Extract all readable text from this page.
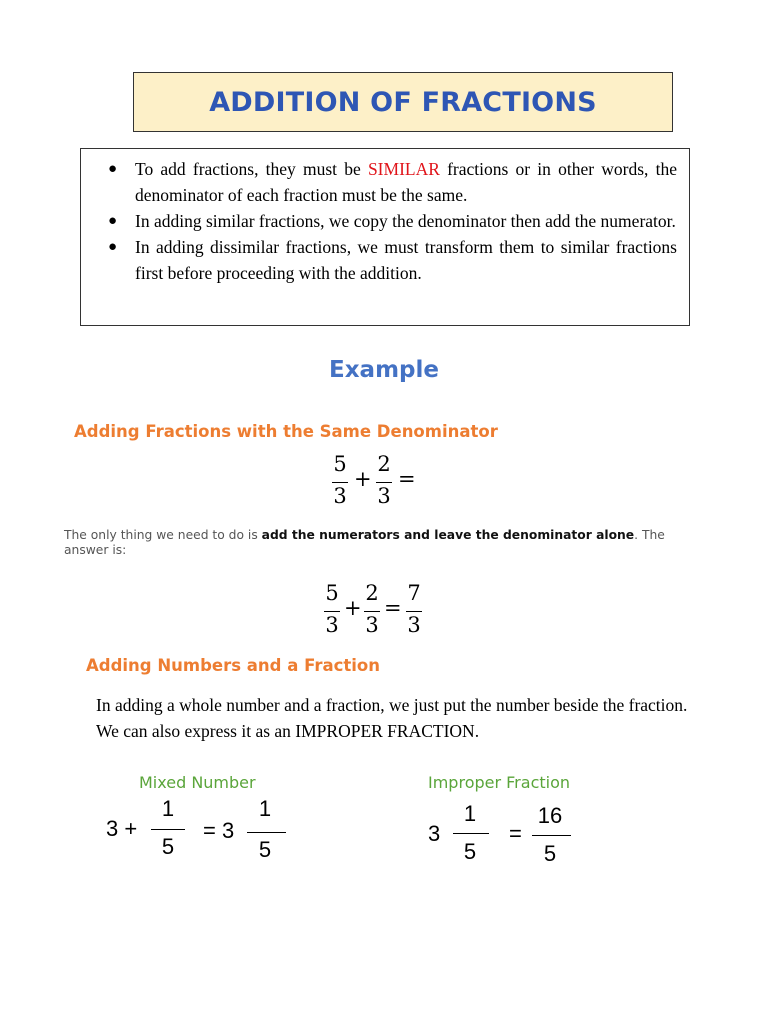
ADDITION OF FRACTIONS
● To add fractions, they must be SIMILAR fractions or in other words, the denominator of each fraction must be the same.
● In adding similar fractions, we copy the denominator then add the numerator.
● In adding dissimilar fractions, we must transform them to similar fractions first before proceeding with the addition.
Example
Adding Fractions with the Same Denominator
5
3
+
2
3
=
The only thing we need to do is add the numerators and leave the denominator alone. The answer is:
5
3
+
2
3
=
7
3
Adding Numbers and a Fraction
In adding a whole number and a fraction, we just put the number beside the fraction. We can also express it as an IMPROPER FRACTION.
Mixed Number	Improper Fraction
3 +
1
5
= 3
1
5
3
1
5
=
16
5
